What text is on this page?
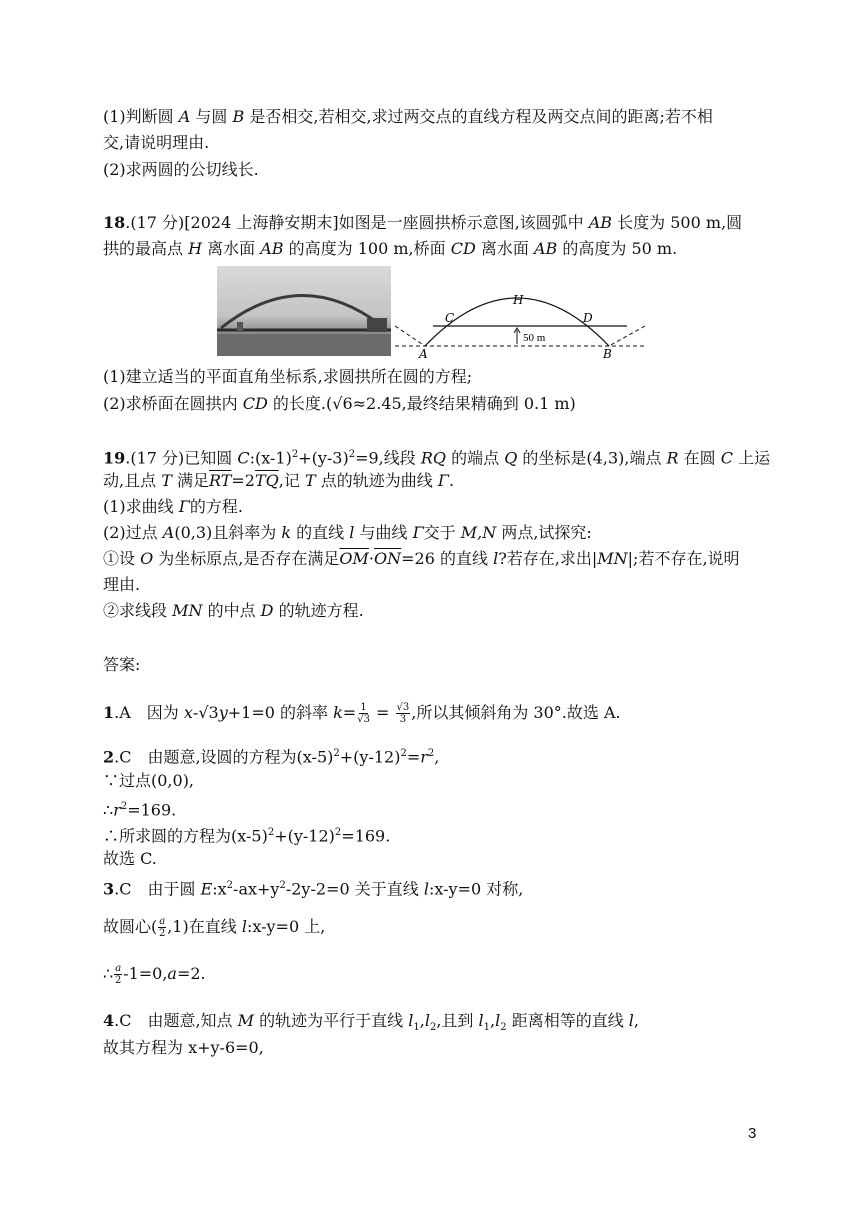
(1)判断圆 A 与圆 B 是否相交,若相交,求过两交点的直线方程及两交点间的距离;若不相
交,请说明理由.
(2)求两圆的公切线长.
18.(17 分)[2024 上海静安期末]如图是一座圆拱桥示意图,该圆弧中 AB 长度为 500 m,圆
拱的最高点 H 离水面 AB 的高度为 100 m,桥面 CD 离水面 AB 的高度为 50 m.
H
C	D
A	B
50 m
(1)建立适当的平面直角坐标系,求圆拱所在圆的方程;
(2)求桥面在圆拱内 CD 的长度.(√6≈2.45,最终结果精确到 0.1 m)
19.(17 分)已知圆 $C:(x-1)^2+(y-3)^2=9$,线段 RQ 的端点 Q 的坐标是(4,3),端点 R 在圆 C 上运
动,且点 T 满足$\overline{RT}=2\overline{TQ}$,记 T 点的轨迹为曲线 Γ.
(1)求曲线 Γ的方程.
(2)过点 A(0,3)且斜率为 k 的直线 l 与曲线 Γ交于 M,N 两点,试探究:
①设 O 为坐标原点,是否存在满足$\overline{OM}\cdot\overline{ON}=26$ 的直线 l?若存在,求出|MN|;若不存在,说明
理由.
②求线段 MN 的中点 D 的轨迹方程.
答案:
1.A　因为 x-√3y+1=0 的斜率 $k= \frac{1}{√3} = \frac{√3}{3}$ ,所以其倾斜角为 30°.故选 A.
2.C　由题意,设圆的方程为$(x-5)^2+(y-12)^2=r^2$,
∵过点(0,0),
$\therefore r^2=169$.
∴所求圆的方程为$(x-5)^2+(y-12)^2=169$.
故选 C.
3.C　由于圆 $E:x^2-ax+y^2-2y-2=0$ 关于直线 l:x-y=0 对称,
故圆心( $\frac{a}{2} ,1$)在直线 l:x-y=0 上,
∴ $\frac{a}{2} -1=0,a=2$.
4.C　由题意,知点 M 的轨迹为平行于直线 $l_1,l_2$,且到 $l_1,l_2$ 距离相等的直线 l,
故其方程为 x+y-6=0,
3
